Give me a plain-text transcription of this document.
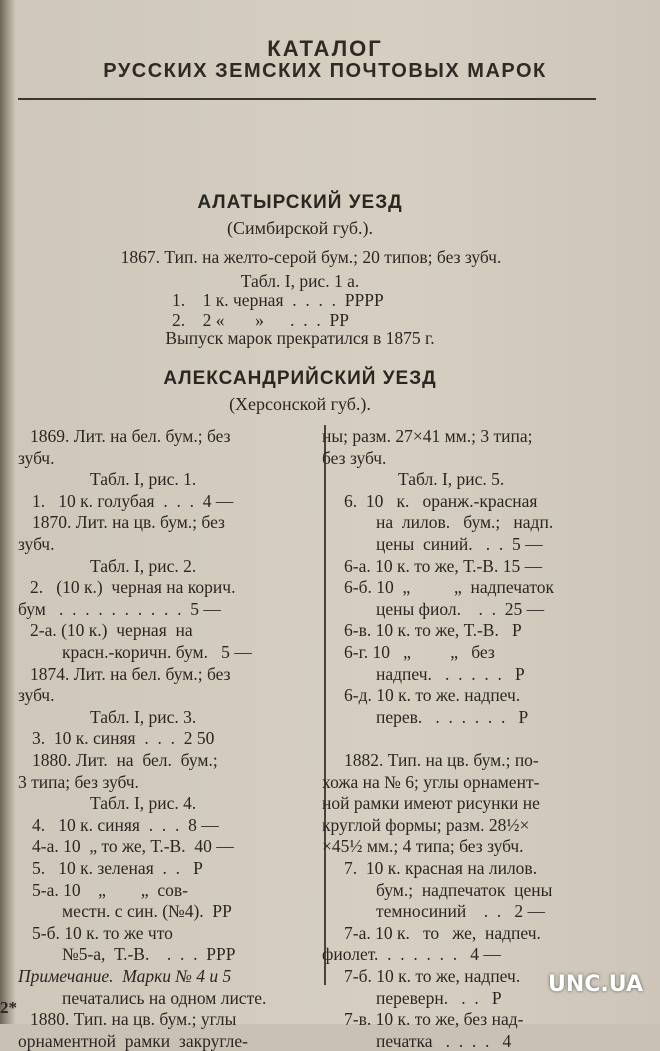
КАТАЛОГ
РУССКИХ ЗЕМСКИХ ПОЧТОВЫХ МАРОК
АЛАТЫРСКИЙ УЕЗД
(Симбирской губ.).
1867. Тип. на желто-серой бум.; 20 типов; без зубч.
Табл. I, рис. 1 а.
1.    1 к. черная  .  .  .  .  РРРР
2.    2 «       »      .  .  .  РР
Выпуск марок прекратился в 1875 г.
АЛЕКСАНДРИЙСКИЙ УЕЗД
(Херсонской губ.).
1869. Лит. на бел. бум.; без
зубч.
Табл. I, рис. 1.
1.   10 к. голубая  .  .  .  4 —
1870. Лит. на цв. бум.; без
зубч.
Табл. I, рис. 2.
2.   (10 к.)  черная на корич.
бум   .  .  .  .  .  .  .  .  .  .  5 —
2-а. (10 к.)  черная  на
красн.-коричн. бум.   5 —
1874. Лит. на бел. бум.; без
зубч.
Табл. I, рис. 3.
3.  10 к. синяя  .  .  .  2 50
1880. Лит.  на  бел.  бум.;
3 типа; без зубч.
Табл. I, рис. 4.
4.   10 к. синяя  .  .  .  8 —
4-а. 10  „ то же, Т.-В.  40 —
5.   10 к. зеленая  .  .   Р
5-а. 10    „        „  сов-
местн. с син. (№4).  РР
5-б. 10 к. то же что
№5-а,  Т.-В.    .  .  .  РРР
Примечание.  Марки № 4 и 5
печатались на одном листе.
1880. Тип. на цв. бум.; углы
орнаментной  рамки  закругле-
ны; разм. 27×41 мм.; 3 типа;
без зубч.
Табл. I, рис. 5.
6.  10   к.   оранж.-красная
на  лилов.   бум.;   надп.
цены  синий.   .  .  5 —
6-а. 10 к. то же, Т.-В. 15 —
6-б. 10  „          „  надпечаток
цены фиол.    .  .  25 —
6-в. 10 к. то же, Т.-В.   Р
6-г. 10   „         „   без
надпеч.   .  .  .  .  .   Р
6-д. 10 к. то же. надпеч.
перев.   .  .  .  .  .  .   Р
1882. Тип. на цв. бум.; по-
хожа на № 6; углы орнамент-
ной рамки имеют рисунки не
круглой формы; разм. 28½×
×45½ мм.; 4 типа; без зубч.
7.  10 к. красная на лилов.
бум.;  надпечаток  цены
темносиний    .  .   2 —
7-а. 10 к.   то   же,  надпеч.
фиолет.  .  .  .  .  .  .   4 —
7-б. 10 к. то же, надпеч.
переверн.   .  .   Р
7-в. 10 к. то же, без над-
печатка   .  .  .  .   4
2*
UNC.UA
